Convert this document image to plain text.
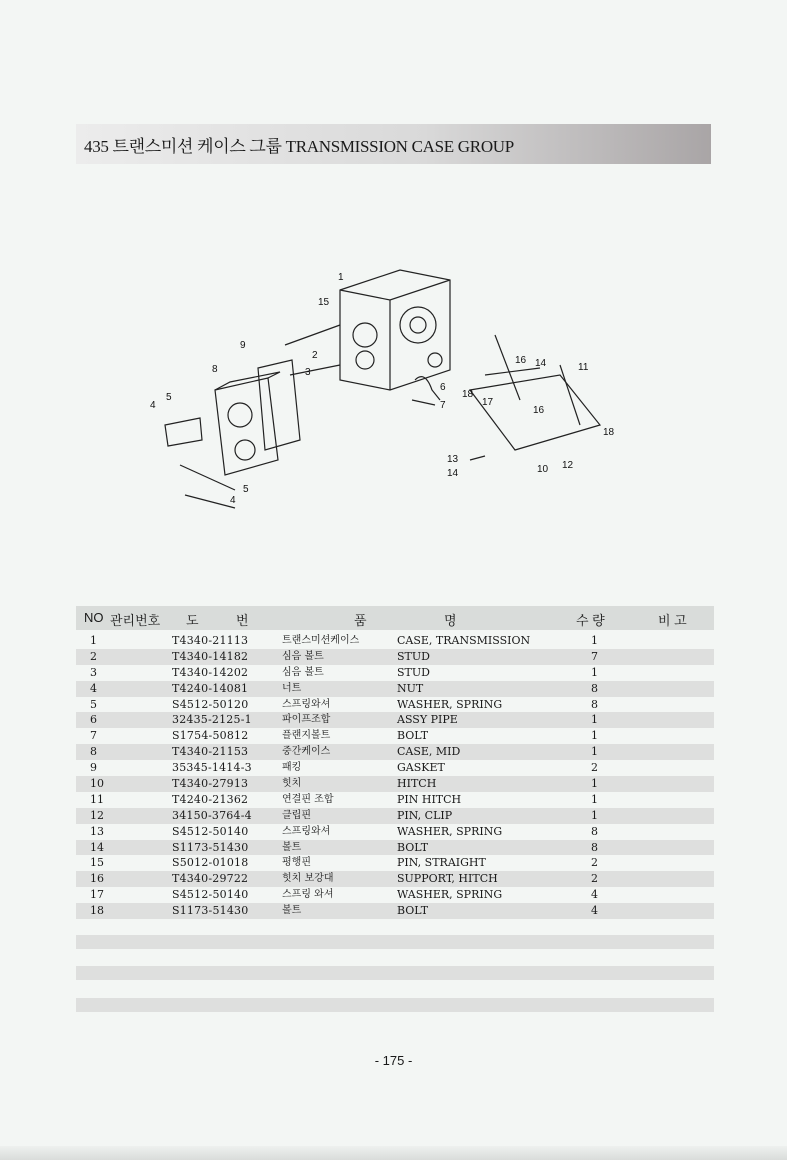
435 트랜스미션 케이스 그룹 TRANSMISSION CASE GROUP
1
15
2
3
9
8
4
5
6
7
16 14	11
18
17
16
18
13
14	10 12
5
4
NO 관리번호 도	번	품	명	수 량	비 고
1	T4340-21113	트랜스미션케이스	CASE, TRANSMISSION	1
2	T4340-14182	심음 볼트	STUD	7
3	T4340-14202	심음 볼트	STUD	1
4	T4240-14081	너트	NUT	8
5	S4512-50120	스프링와셔	WASHER, SPRING	8
6	32435-2125-1	파이프조합	ASSY PIPE	1
7	S1754-50812	플랜지볼트	BOLT	1
8	T4340-21153	중간케이스	CASE, MID	1
9	35345-1414-3	패킹	GASKET	2
10	T4340-27913	힛치	HITCH	1
11	T4240-21362	연결핀 조합	PIN HITCH	1
12	34150-3764-4	클립핀	PIN, CLIP	1
13	S4512-50140	스프링와셔	WASHER, SPRING	8
14	S1173-51430	볼트	BOLT	8
15	S5012-01018	평행핀	PIN, STRAIGHT	2
16	T4340-29722	힛치 보강대	SUPPORT, HITCH	2
17	S4512-50140	스프링 와셔	WASHER, SPRING	4
18	S1173-51430	볼트	BOLT	4
- 175 -
